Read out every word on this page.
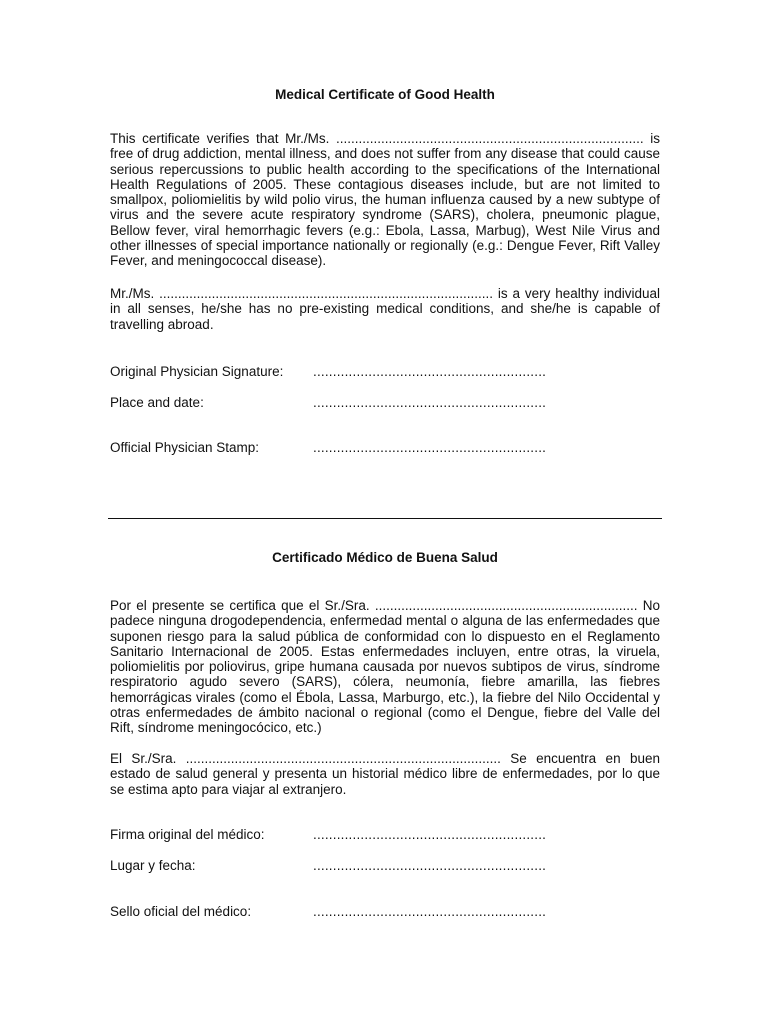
Medical Certificate of Good Health

This certificate verifies that Mr./Ms. .................................................................................. is free of drug addiction, mental illness, and does not suffer from any disease that could cause serious repercussions to public health according to the specifications of the International Health Regulations of 2005. These contagious diseases include, but are not limited to smallpox, poliomielitis by wild polio virus, the human influenza caused by a new subtype of virus and the severe acute respiratory syndrome (SARS), cholera, pneumonic plague, Bellow fever, viral hemorrhagic fevers (e.g.: Ebola, Lassa, Marbug), West Nile Virus and other illnesses of special importance nationally or regionally (e.g.: Dengue Fever, Rift Valley Fever, and meningococcal disease).

Mr./Ms. ......................................................................................... is a very healthy individual in all senses, he/she has no pre-existing medical conditions, and she/he is capable of travelling abroad.

Original Physician Signature: ...........................................................
Place and date:	...........................................................
Official Physician Stamp:	...........................................................
Certificado Médico de Buena Salud

Por el presente se certifica que el Sr./Sra. ...................................................................... No padece ninguna drogodependencia, enfermedad mental o alguna de las enfermedades que suponen riesgo para la salud pública de conformidad con lo dispuesto en el Reglamento Sanitario Internacional de 2005. Estas enfermedades incluyen, entre otras, la viruela, poliomielitis por poliovirus, gripe humana causada por nuevos subtipos de virus, síndrome respiratorio agudo severo (SARS), cólera, neumonía, fiebre amarilla, las fiebres hemorrágicas virales (como el Ébola, Lassa, Marburgo, etc.), la fiebre del Nilo Occidental y otras enfermedades de ámbito nacional o regional (como el Dengue, fiebre del Valle del Rift, síndrome meningocócico, etc.)

El Sr./Sra. .................................................................................... Se encuentra en buen estado de salud general y presenta un historial médico libre de enfermedades, por lo que se estima apto para viajar al extranjero.

Firma original del médico:	...........................................................
Lugar y fecha:	...........................................................
Sello oficial del médico:	...........................................................
